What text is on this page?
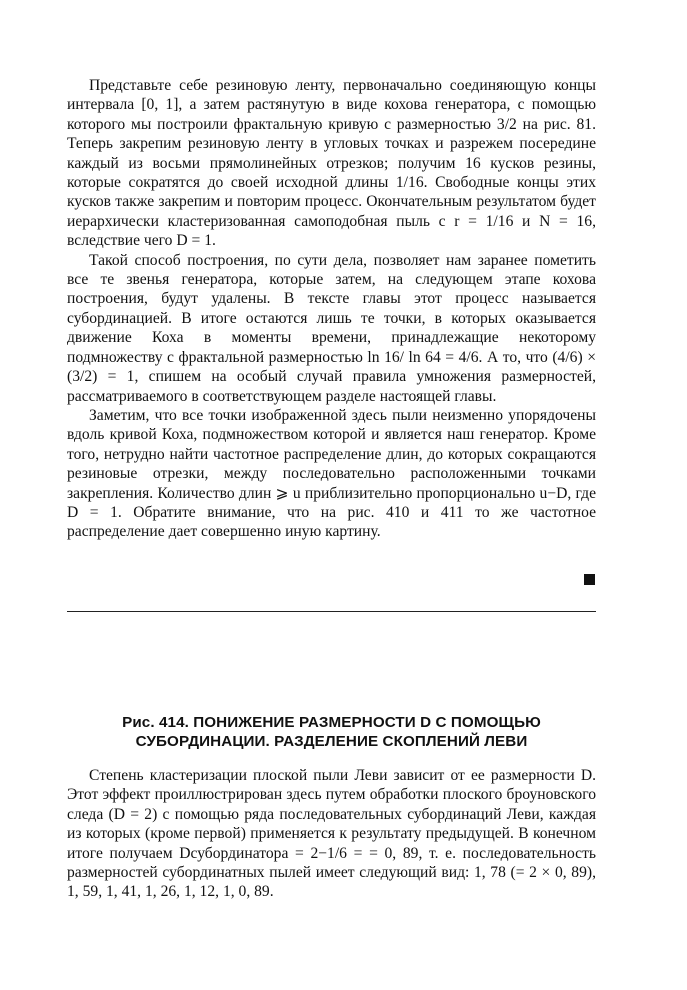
Представьте себе резиновую ленту, первоначально соединяющую концы интервала [0, 1], а затем растянутую в виде кохова генератора, с помощью которого мы построили фрактальную кривую с размерностью 3/2 на рис. 81. Теперь закрепим резиновую ленту в угловых точках и разрежем посередине каждый из восьми прямолинейных отрезков; получим 16 кусков резины, которые сократятся до своей исходной длины 1/16. Свободные концы этих кусков также закрепим и повторим процесс. Окончательным результатом будет иерархически кластеризованная самоподобная пыль с r = 1/16 и N = 16, вследствие чего D = 1.

Такой способ построения, по сути дела, позволяет нам заранее пометить все те звенья генератора, которые затем, на следующем этапе кохова построения, будут удалены. В тексте главы этот процесс называется субординацией. В итоге остаются лишь те точки, в которых оказывается движение Коха в моменты времени, принадлежащие некоторому подмножеству с фрактальной размерностью ln 16/ ln 64 = 4/6. А то, что (4/6) × (3/2) = 1, спишем на особый случай правила умножения размерностей, рассматриваемого в соответствующем разделе настоящей главы.

Заметим, что все точки изображенной здесь пыли неизменно упорядочены вдоль кривой Коха, подмножеством которой и является наш генератор. Кроме того, нетрудно найти частотное распределение длин, до которых сокращаются резиновые отрезки, между последовательно расположенными точками закрепления. Количество длин ⩾ u приблизительно пропорционально u−D, где D = 1. Обратите внимание, что на рис. 410 и 411 то же частотное распределение дает совершенно иную картину.

Рис. 414. ПОНИЖЕНИЕ РАЗМЕРНОСТИ D С ПОМОЩЬЮ
СУБОРДИНАЦИИ. РАЗДЕЛЕНИЕ СКОПЛЕНИЙ ЛЕВИ

Степень кластеризации плоской пыли Леви зависит от ее размерности D. Этот эффект проиллюстрирован здесь путем обработки плоского броуновского следа (D = 2) с помощью ряда последовательных субординаций Леви, каждая из которых (кроме первой) применяется к результату предыдущей. В конечном итоге получаем Dсубординатора = 2−1/6 = = 0, 89, т. е. последовательность размерностей субординатных пылей имеет следующий вид: 1, 78 (= 2 × 0, 89), 1, 59, 1, 41, 1, 26, 1, 12, 1, 0, 89.
